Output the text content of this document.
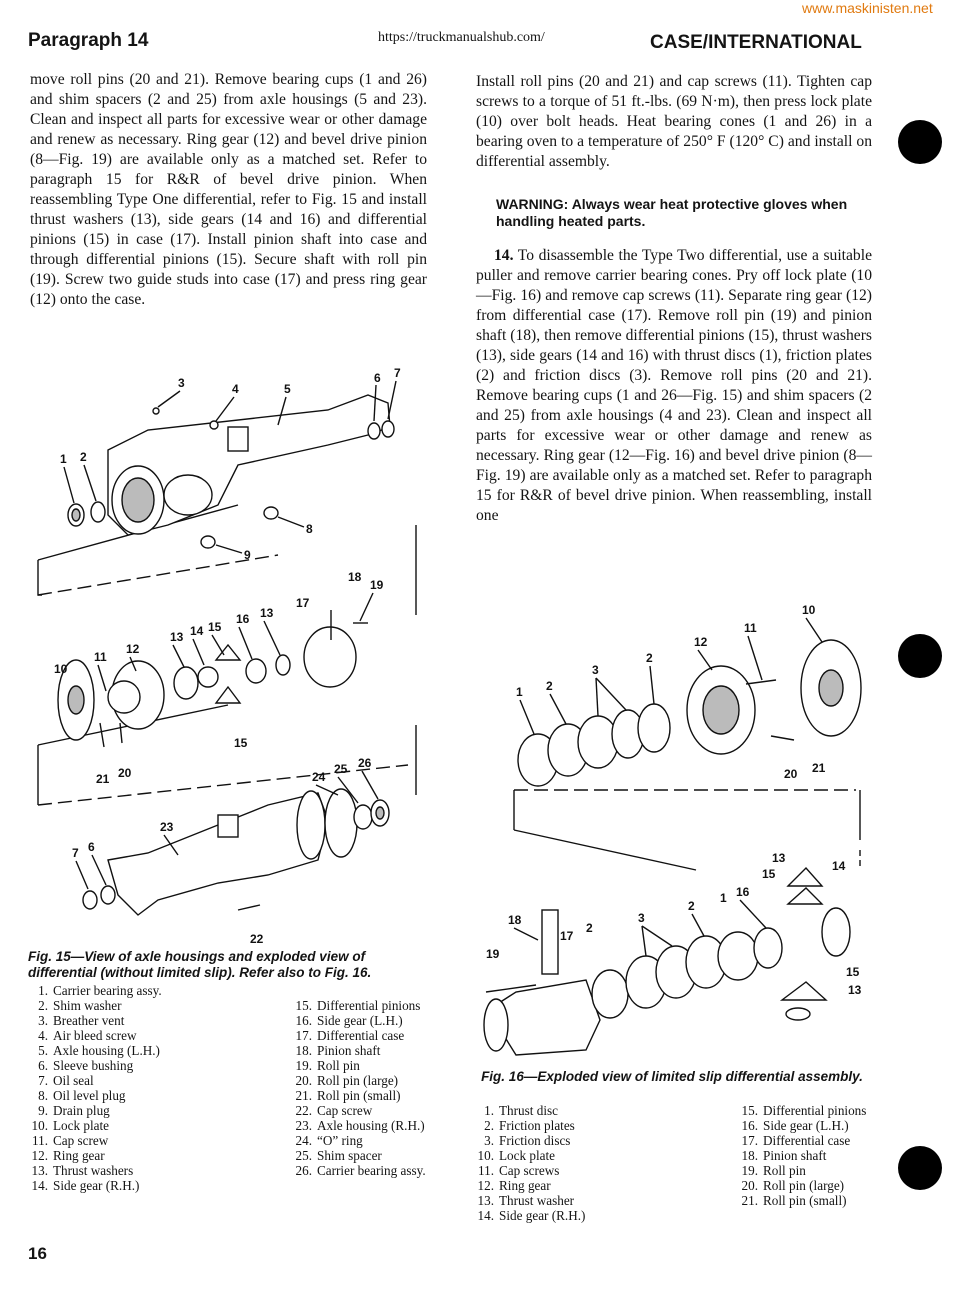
Paragraph 14	https://truckmanualshub.com/	CASE/INTERNATIONAL
www.maskinisten.net
move roll pins (20 and 21). Remove bearing cups (1 and 26) and shim spacers (2 and 25) from axle housings (5 and 23). Clean and inspect all parts for excessive wear or other damage and renew as necessary. Ring gear (12) and bevel drive pinion (8—Fig. 19) are available only as a matched set. Refer to paragraph 15 for R&R of bevel drive pinion. When reassembling Type One differential, refer to Fig. 15 and install thrust washers (13), side gears (14 and 16) and differential pinions (15) in case (17). Install pinion shaft into case and through differential pinions (15). Secure shaft with roll pin (19). Screw two guide studs into case (17) and press ring gear (12) onto the case.
Install roll pins (20 and 21) and cap screws (11). Tighten cap screws to a torque of 51 ft.-lbs. (69 N·m), then press lock plate (10) over bolt heads. Heat bearing cones (1 and 26) in a bearing oven to a temperature of 250° F (120° C) and install on differential assembly.
WARNING: Always wear heat protective gloves when handling heated parts.
14. To disassemble the Type Two differential, use a suitable puller and remove carrier bearing cones. Pry off lock plate (10—Fig. 16) and remove cap screws (11). Separate ring gear (12) from differential case (17). Remove roll pin (19) and pinion shaft (18), then remove differential pinions (15), thrust washers (13), side gears (14 and 16) with thrust discs (1), friction plates (2) and friction discs (3). Remove roll pins (20 and 21). Remove bearing cups (1 and 26—Fig. 15) and shim spacers (2 and 25) from axle housings (4 and 23). Clean and inspect all parts for excessive wear or other damage and renew as necessary. Ring gear (12—Fig. 16) and bevel drive pinion (8—Fig. 19) are available only as a matched set. Refer to paragraph 15 for R&R of bevel drive pinion. When reassembling, install one
3	4	5
6 7
1 2
8
9
18
19
17
13 14 15
16 13
11
12
10
15
21 20	24
25 26
23
7 6
22
Fig. 15—View of axle housings and exploded view of differential (without limited slip). Refer also to Fig. 16.
1. Carrier bearing assy.
2. Shim washer
3. Breather vent
4. Air bleed screw
5. Axle housing (L.H.)
6. Sleeve bushing
7. Oil seal
8. Oil level plug
9. Drain plug
10. Lock plate
11. Cap screw
12. Ring gear
13. Thrust washers
14. Side gear (R.H.)
15. Differential pinions
16. Side gear (L.H.)
17. Differential case
18. Pinion shaft
19. Roll pin
20. Roll pin (large)
21. Roll pin (small)
22. Cap screw
23. Axle housing (R.H.)
24. “O” ring
25. Shim spacer
26. Carrier bearing assy.
10
11
12
2
3
1 2
20 21
13
15
14
16
1
2
3
2
17
18
19
15
13
Fig. 16—Exploded view of limited slip differential assembly.
1. Thrust disc
2. Friction plates
3. Friction discs
10. Lock plate
11. Cap screws
12. Ring gear
13. Thrust washer
14. Side gear (R.H.)
15. Differential pinions
16. Side gear (L.H.)
17. Differential case
18. Pinion shaft
19. Roll pin
20. Roll pin (large)
21. Roll pin (small)
16
